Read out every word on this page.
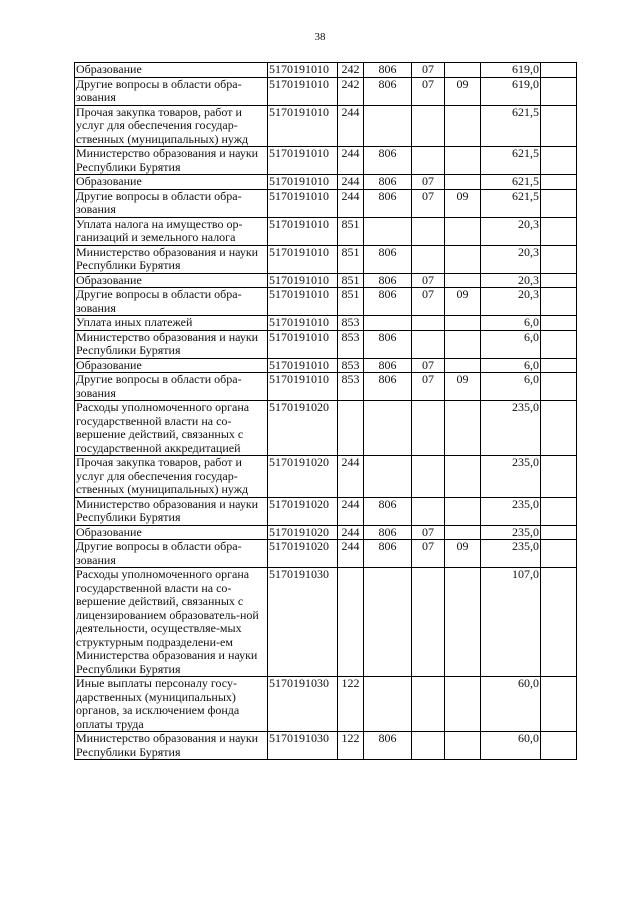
38
Образование	5170191010	242	806	07		619,0	
Другие вопросы в области обра-зования	5170191010	242	806	07	09	619,0	
Прочая закупка товаров, работ и услуг для обеспечения государ-ственных (муниципальных) нужд	5170191010	244				621,5	
Министерство образования и науки Республики Бурятия	5170191010	244	806			621,5	
Образование	5170191010	244	806	07		621,5	
Другие вопросы в области обра-зования	5170191010	244	806	07	09	621,5	
Уплата налога на имущество ор-ганизаций и земельного налога	5170191010	851				20,3	
Министерство образования и науки Республики Бурятия	5170191010	851	806			20,3	
Образование	5170191010	851	806	07		20,3	
Другие вопросы в области обра-зования	5170191010	851	806	07	09	20,3	
Уплата иных платежей	5170191010	853				6,0	
Министерство образования и науки Республики Бурятия	5170191010	853	806			6,0	
Образование	5170191010	853	806	07		6,0	
Другие вопросы в области обра-зования	5170191010	853	806	07	09	6,0	
Расходы уполномоченного органа государственной власти на со-вершение действий, связанных с государственной аккредитацией	5170191020					235,0	
Прочая закупка товаров, работ и услуг для обеспечения государ-ственных (муниципальных) нужд	5170191020	244				235,0	
Министерство образования и науки Республики Бурятия	5170191020	244	806			235,0	
Образование	5170191020	244	806	07		235,0	
Другие вопросы в области обра-зования	5170191020	244	806	07	09	235,0	
Расходы уполномоченного органа государственной власти на со-вершение действий, связанных с лицензированием образователь-ной деятельности, осуществляе-мых структурным подразделени-ем Министерства образования и науки Республики Бурятия	5170191030					107,0	
Иные выплаты персоналу госу-дарственных (муниципальных) органов, за исключением фонда оплаты труда	5170191030	122				60,0	
Министерство образования и науки Республики Бурятия	5170191030	122	806			60,0	
